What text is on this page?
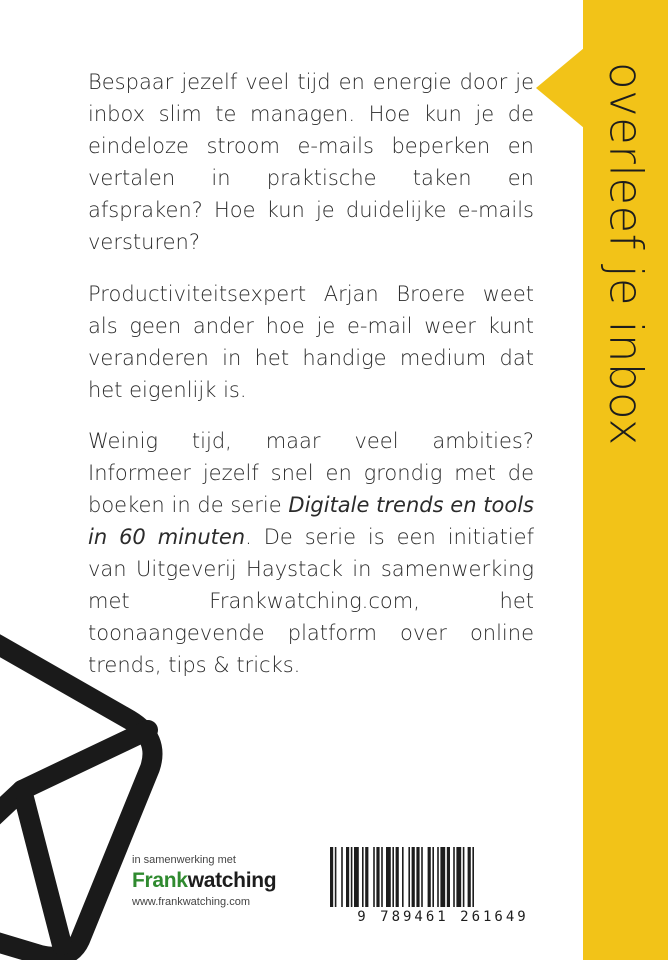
overleef je inbox

Bespaar jezelf veel tijd en energie door je inbox slim te managen. Hoe kun je de eindeloze stroom e-mails beperken en vertalen in praktische taken en afspraken? Hoe kun je duidelijke e-mails versturen?

Productiviteitsexpert Arjan Broere weet als geen ander hoe je e-mail weer kunt veranderen in het handige medium dat het eigenlijk is.

Weinig tijd, maar veel ambities? Informeer jezelf snel en grondig met de boeken in de serie Digitale trends en tools in 60 minuten. De serie is een initiatief van Uitgeverij Haystack in samenwerking met Frankwatching.com, het toonaangevende platform over online trends, tips & tricks.

in samenwerking met
Frankwatching
www.frankwatching.com
9 789461 261649
